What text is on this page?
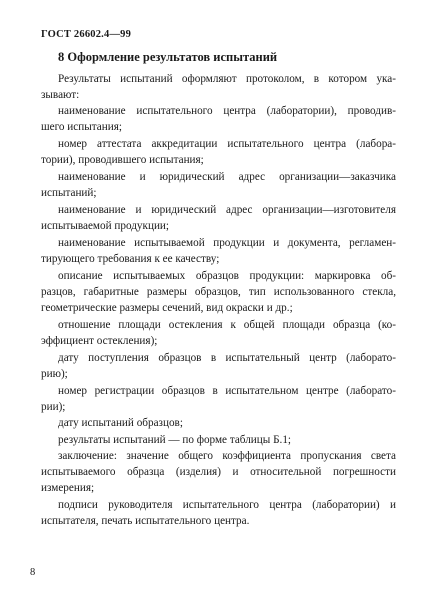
ГОСТ 26602.4—99
8 Оформление результатов испытаний
Результаты испытаний оформляют протоколом, в котором ука-
зывают:
наименование испытательного центра (лаборатории), проводив-
шего испытания;
номер аттестата аккредитации испытательного центра (лабора-
тории), проводившего испытания;
наименование и юридический адрес организации—заказчика
испытаний;
наименование и юридический адрес организации—изготовителя
испытываемой продукции;
наименование испытываемой продукции и документа, регламен-
тирующего требования к ее качеству;
описание испытываемых образцов продукции: маркировка об-
разцов, габаритные размеры образцов, тип использованного стекла,
геометрические размеры сечений, вид окраски и др.;
отношение площади остекления к общей площади образца (ко-
эффициент остекления);
дату поступления образцов в испытательный центр (лаборато-
рию);
номер регистрации образцов в испытательном центре (лаборато-
рии);
дату испытаний образцов;
результаты испытаний — по форме таблицы Б.1;
заключение: значение общего коэффициента пропускания света
испытываемого образца (изделия) и относительной погрешности
измерения;
подписи руководителя испытательного центра (лаборатории) и
испытателя, печать испытательного центра.
8
